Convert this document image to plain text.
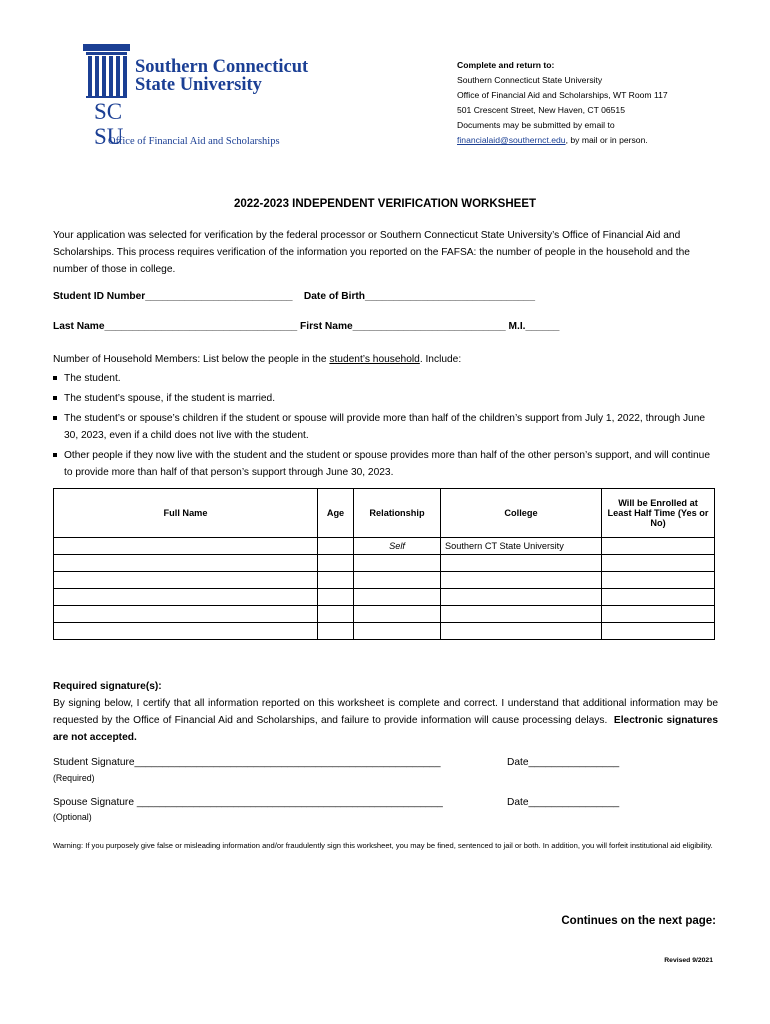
SC
SU
Southern Connecticut
State University
Office of Financial Aid and Scholarships
Complete and return to:
Southern Connecticut State University
Office of Financial Aid and Scholarships, WT Room 117
501 Crescent Street, New Haven, CT 06515
Documents may be submitted by email to
financialaid@southernct.edu, by mail or in person.
2022-2023 INDEPENDENT VERIFICATION WORKSHEET
Your application was selected for verification by the federal processor or Southern Connecticut State University’s Office of Financial Aid and Scholarships. This process requires verification of the information you reported on the FAFSA: the number of people in the household and the number of those in college.
Student ID Number__________________________ Date of Birth______________________________
Last Name__________________________________ First Name___________________________ M.I.______
Number of Household Members: List below the people in the student’s household. Include:
The student.
The student’s spouse, if the student is married.
The student’s or spouse’s children if the student or spouse will provide more than half of the children’s support from July 1, 2022, through June 30, 2023, even if a child does not live with the student.
Other people if they now live with the student and the student or spouse provides more than half of the other person’s support, and will continue to provide more than half of that person’s support through June 30, 2023.
Full Name	Age	Relationship	College	Will be Enrolled at Least Half Time (Yes or No)
		Self	Southern CT State University	

Required signature(s):
By signing below, I certify that all information reported on this worksheet is complete and correct. I understand that additional information may be requested by the Office of Financial Aid and Scholarships, and failure to provide information will cause processing delays. Electronic signatures are not accepted.
Student Signature______________________________________________________	Date________________
(Required)
Spouse Signature ______________________________________________________	Date________________
(Optional)
Warning: If you purposely give false or misleading information and/or fraudulently sign this worksheet, you may be fined, sentenced to jail or both. In addition, you will forfeit institutional aid eligibility.
Continues on the next page:
Revised 9/2021
